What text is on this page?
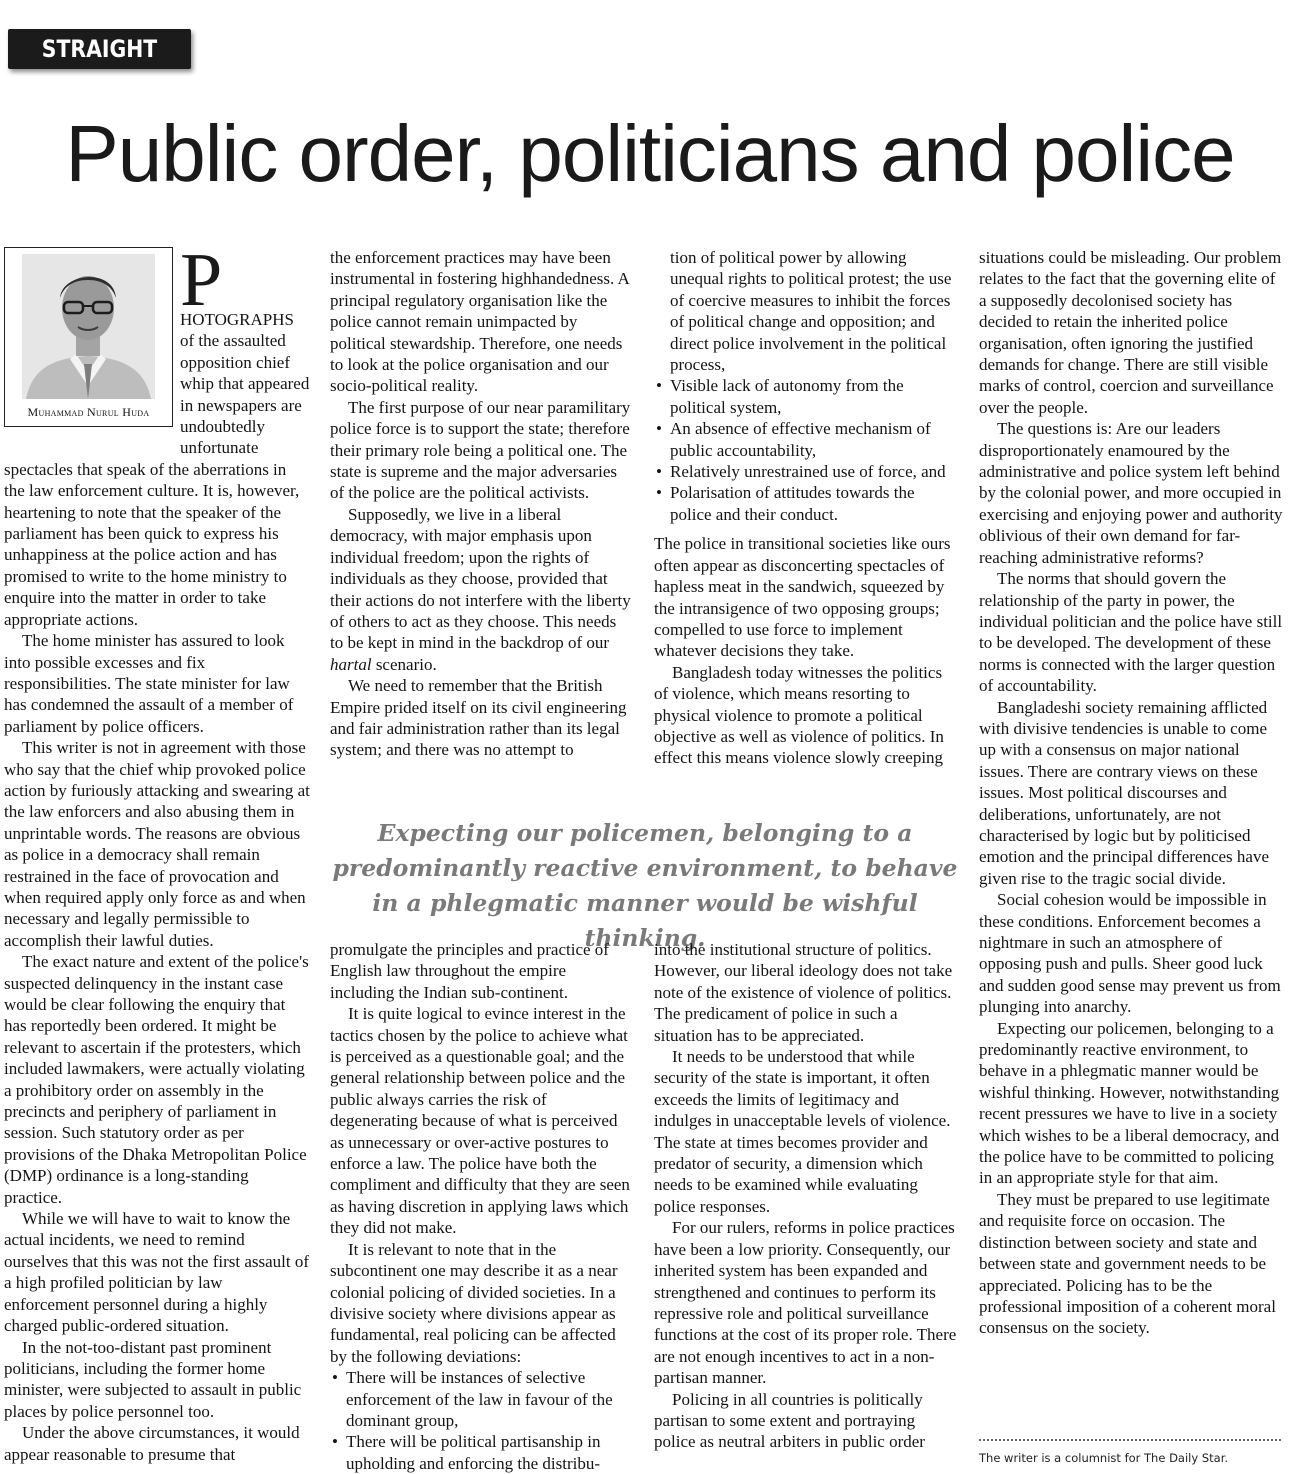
STRAIGHT LINE
Public order, politicians and police
Muhammad Nurul Huda

P
HOTOGRAPHS of the assaulted opposition chief whip that appeared in newspapers are undoubtedly unfortunate spectacles that speak of the aberrations in the law enforcement culture. It is, however, heartening to note that the speaker of the parliament has been quick to express his unhappiness at the police action and has promised to write to the home ministry to enquire into the matter in order to take appropriate actions.

The home minister has assured to look into possible excesses and fix responsibilities. The state minister for law has condemned the assault of a member of parliament by police officers.

This writer is not in agreement with those who say that the chief whip provoked police action by furiously attacking and swearing at the law enforcers and also abusing them in unprintable words. The reasons are obvious as police in a democracy shall remain restrained in the face of provocation and when required apply only force as and when necessary and legally permissible to accomplish their lawful duties.

The exact nature and extent of the police's suspected delinquency in the instant case would be clear following the enquiry that has reportedly been ordered. It might be relevant to ascertain if the protesters, which included lawmakers, were actually violating a prohibitory order on assembly in the precincts and periphery of parliament in session. Such statutory order as per provisions of the Dhaka Metropolitan Police (DMP) ordinance is a long-standing practice.

While we will have to wait to know the actual incidents, we need to remind ourselves that this was not the first assault of a high profiled politician by law enforcement personnel during a highly charged public-ordered situation.

In the not-too-distant past prominent politicians, including the former home minister, were subjected to assault in public places by police personnel too.

Under the above circumstances, it would appear reasonable to presume that

the enforcement practices may have been instrumental in fostering highhandedness. A principal regulatory organisation like the police cannot remain unimpacted by political stewardship. Therefore, one needs to look at the police organisation and our socio-political reality.

The first purpose of our near paramilitary police force is to support the state; therefore their primary role being a political one. The state is supreme and the major adversaries of the police are the political activists.

Supposedly, we live in a liberal democracy, with major emphasis upon individual freedom; upon the rights of individuals as they choose, provided that their actions do not interfere with the liberty of others to act as they choose. This needs to be kept in mind in the backdrop of our hartal scenario.

We need to remember that the British Empire prided itself on its civil engineering and fair administration rather than its legal system; and there was no attempt to

tion of political power by allowing unequal rights to political protest; the use of coercive measures to inhibit the forces of political change and opposition; and direct police involvement in the political process,

• Visible lack of autonomy from the political system,
• An absence of effective mechanism of public accountability,
• Relatively unrestrained use of force, and
• Polarisation of attitudes towards the police and their conduct.

The police in transitional societies like ours often appear as disconcerting spectacles of hapless meat in the sandwich, squeezed by the intransigence of two opposing groups; compelled to use force to implement whatever decisions they take.

Bangladesh today witnesses the politics of violence, which means resorting to physical violence to promote a political objective as well as violence of politics. In effect this means violence slowly creeping

Expecting our policemen, belonging to a predominantly reactive environment, to behave in a phlegmatic manner would be wishful thinking.

promulgate the principles and practice of English law throughout the empire including the Indian sub-continent.

It is quite logical to evince interest in the tactics chosen by the police to achieve what is perceived as a questionable goal; and the general relationship between police and the public always carries the risk of degenerating because of what is perceived as unnecessary or over-active postures to enforce a law. The police have both the compliment and difficulty that they are seen as having discretion in applying laws which they did not make.

It is relevant to note that in the subcontinent one may describe it as a near colonial policing of divided societies. In a divisive society where divisions appear as fundamental, real policing can be affected by the following deviations:

• There will be instances of selective enforcement of the law in favour of the dominant group,
• There will be political partisanship in upholding and enforcing the distribu-

into the institutional structure of politics. However, our liberal ideology does not take note of the existence of violence of politics. The predicament of police in such a situation has to be appreciated.

It needs to be understood that while security of the state is important, it often exceeds the limits of legitimacy and indulges in unacceptable levels of violence. The state at times becomes provider and predator of security, a dimension which needs to be examined while evaluating police responses.

For our rulers, reforms in police practices have been a low priority. Consequently, our inherited system has been expanded and strengthened and continues to perform its repressive role and political surveillance functions at the cost of its proper role. There are not enough incentives to act in a non-partisan manner.

Policing in all countries is politically partisan to some extent and portraying police as neutral arbiters in public order

situations could be misleading. Our problem relates to the fact that the governing elite of a supposedly decolonised society has decided to retain the inherited police organisation, often ignoring the justified demands for change. There are still visible marks of control, coercion and surveillance over the people.

The questions is: Are our leaders disproportionately enamoured by the administrative and police system left behind by the colonial power, and more occupied in exercising and enjoying power and authority oblivious of their own demand for far-reaching administrative reforms?

The norms that should govern the relationship of the party in power, the individual politician and the police have still to be developed. The development of these norms is connected with the larger question of accountability.

Bangladeshi society remaining afflicted with divisive tendencies is unable to come up with a consensus on major national issues. There are contrary views on these issues. Most political discourses and deliberations, unfortunately, are not characterised by logic but by politicised emotion and the principal differences have given rise to the tragic social divide.

Social cohesion would be impossible in these conditions. Enforcement becomes a nightmare in such an atmosphere of opposing push and pulls. Sheer good luck and sudden good sense may prevent us from plunging into anarchy.

Expecting our policemen, belonging to a predominantly reactive environment, to behave in a phlegmatic manner would be wishful thinking. However, notwithstanding recent pressures we have to live in a society which wishes to be a liberal democracy, and the police have to be committed to policing in an appropriate style for that aim.

They must be prepared to use legitimate and requisite force on occasion. The distinction between society and state and between state and government needs to be appreciated. Policing has to be the professional imposition of a coherent moral consensus on the society.

The writer is a columnist for The Daily Star.
